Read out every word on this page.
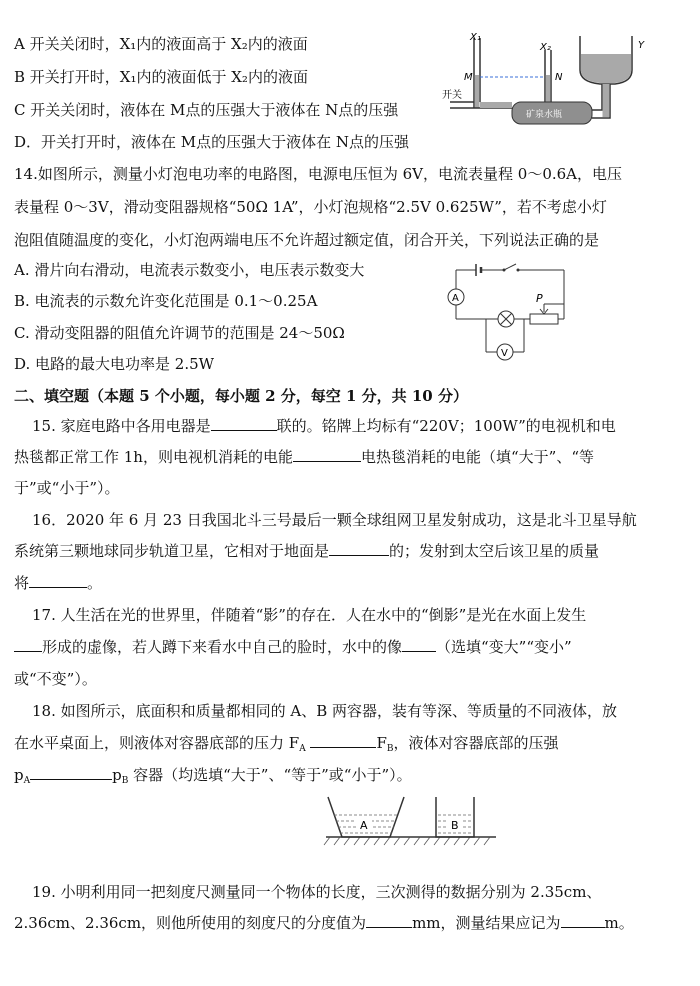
A 开关关闭时，X₁内的液面高于 X₂内的液面
B 开关打开时，X₁内的液面低于 X₂内的液面
C 开关关闭时，液体在 M点的压强大于液体在 N点的压强
D．开关打开时，液体在 M点的压强大于液体在 N点的压强
X₁
X₂	Y
M	N
开关
矿泉水瓶
14.如图所示，测量小灯泡电功率的电路图，电源电压恒为 6V，电流表量程 0～0.6A，电压
表量程 0～3V，滑动变阻器规格“50Ω 1A”，小灯泡规格“2.5V 0.625W”，若不考虑小灯
泡阻值随温度的变化，小灯泡两端电压不允许超过额定值，闭合开关，下列说法正确的是
A. 滑片向右滑动，电流表示数变小，电压表示数变大
B. 电流表的示数允许变化范围是 0.1～0.25A
C. 滑动变阻器的阻值允许调节的范围是 24～50Ω
D. 电路的最大电功率是 2.5W
A	P
V
二、填空题（本题 5 个小题，每小题 2 分，每空 1 分，共 10 分）
15. 家庭电路中各用电器是	联的。铭牌上均标有“220V；100W”的电视机和电
热毯都正常工作 1h，则电视机消耗的电能	电热毯消耗的电能（填“大于”、“等
于”或“小于”）。
16．2020 年 6 月 23 日我国北斗三号最后一颗全球组网卫星发射成功，这是北斗卫星导航
系统第三颗地球同步轨道卫星，它相对于地面是	的；发射到太空后该卫星的质量
将	。
17. 人生活在光的世界里，伴随着“影”的存在．人在水中的“倒影”是光在水面上发生
形成的虚像，若人蹲下来看水中自己的脸时，水中的像 （选填“变大”“变小”
或“不变”）。
18. 如图所示，底面积和质量都相同的 A、B 两容器，装有等深、等质量的不同液体，放
在水平桌面上，则液体对容器底部的压力 $F_A$	$F_B$，液体对容器底部的压强
$p_A$	$p_B$ 容器（均选填“大于”、“等于”或“小于”）。
A	B
19. 小明利用同一把刻度尺测量同一个物体的长度，三次测得的数据分别为 2.35cm、
2.36cm、2.36cm，则他所使用的刻度尺的分度值为	mm，测量结果应记为	m。
